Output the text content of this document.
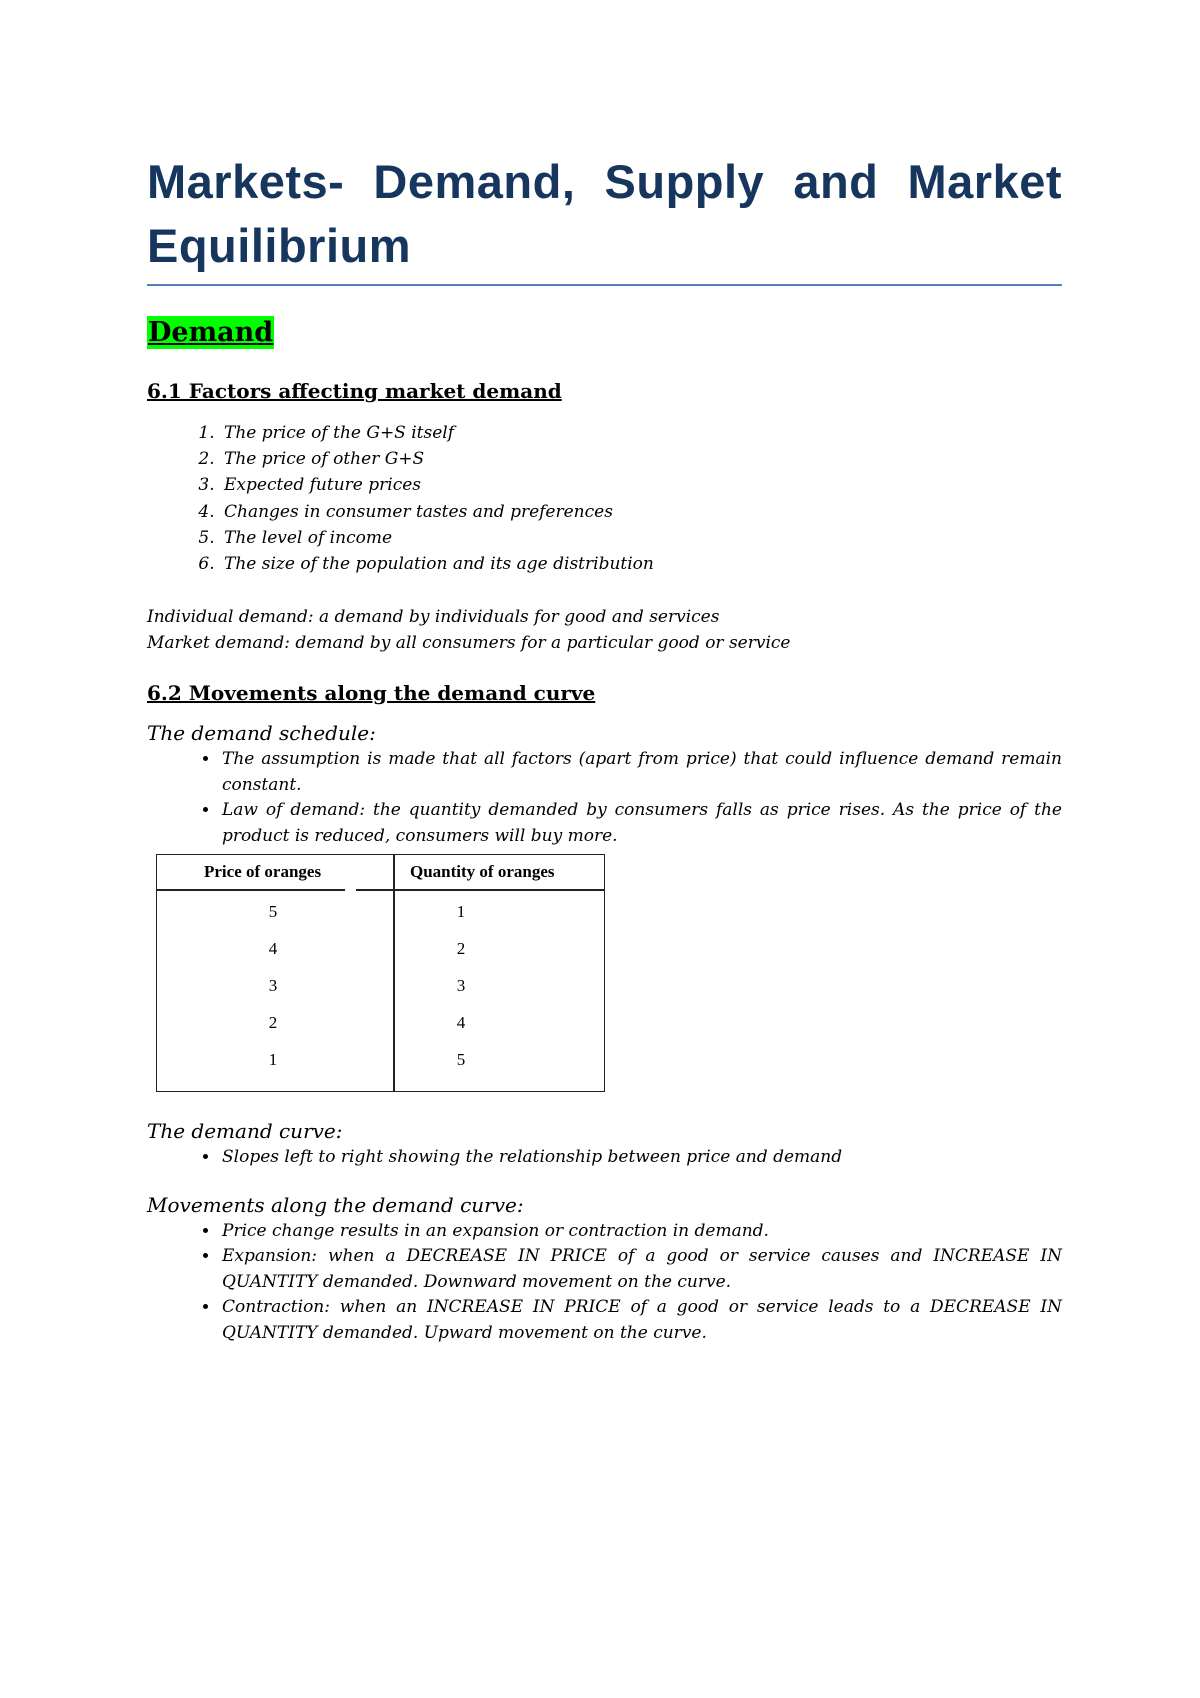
Markets- Demand, Supply and Market Equilibrium
Demand

6.1 Factors affecting market demand

1. The price of the G+S itself
2. The price of other G+S
3. Expected future prices
4. Changes in consumer tastes and preferences
5. The level of income
6. The size of the population and its age distribution

Individual demand: a demand by individuals for good and services

Market demand: demand by all consumers for a particular good or service

6.2 Movements along the demand curve

The demand schedule:

• The assumption is made that all factors (apart from price) that could influence demand remain constant.
• Law of demand: the quantity demanded by consumers falls as price rises. As the price of the product is reduced, consumers will buy more.
Price of oranges	Quantity of oranges
5	1
4	2
3	3
2	4
1	5

The demand curve:

• Slopes left to right showing the relationship between price and demand

Movements along the demand curve:

• Price change results in an expansion or contraction in demand.
• Expansion: when a DECREASE IN PRICE of a good or service causes and INCREASE IN QUANTITY demanded. Downward movement on the curve.
• Contraction: when an INCREASE IN PRICE of a good or service leads to a DECREASE IN QUANTITY demanded. Upward movement on the curve.
